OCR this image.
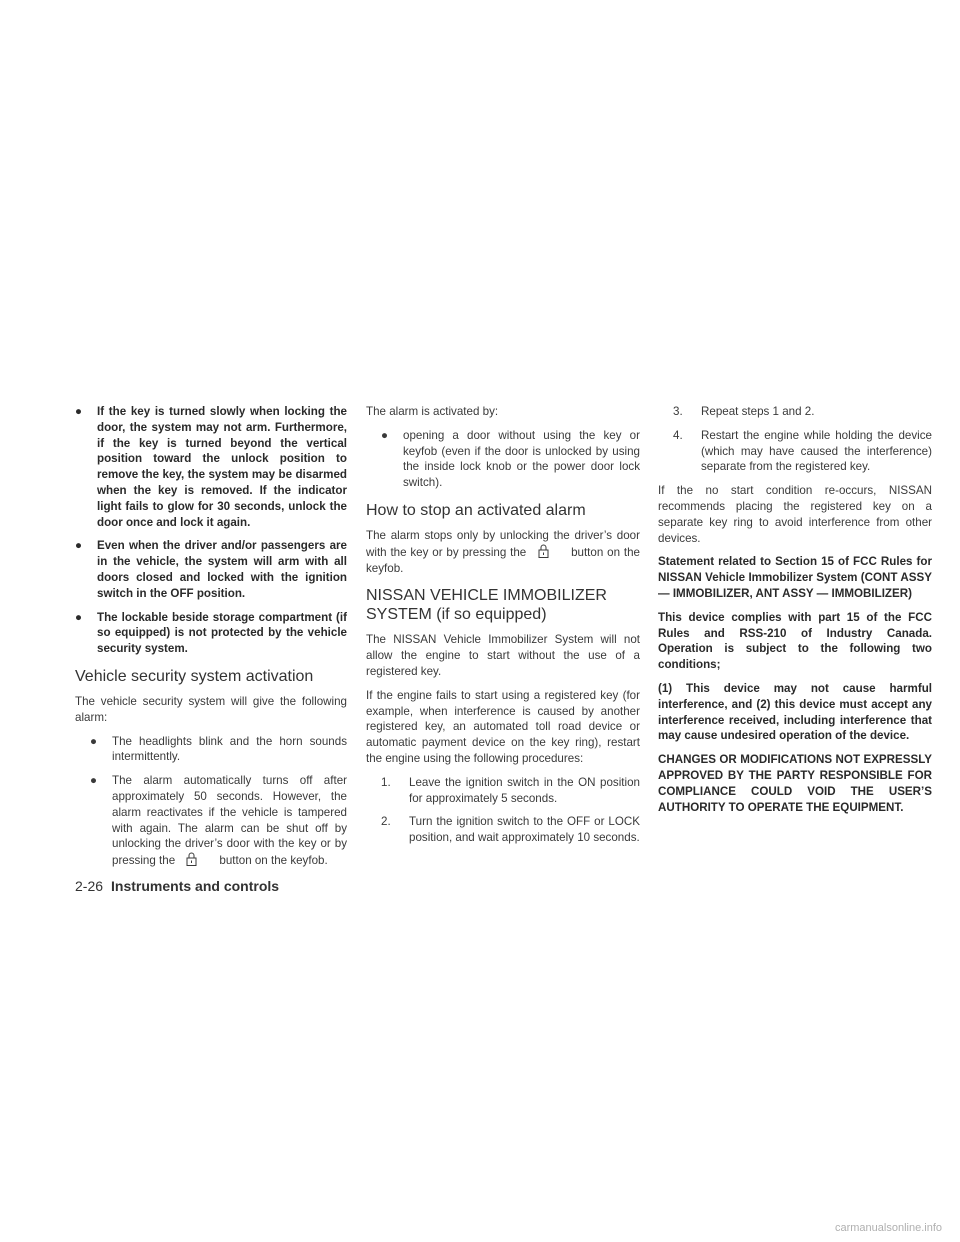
● If the key is turned slowly when locking the door, the system may not arm. Furthermore, if the key is turned beyond the vertical position toward the unlock position to remove the key, the system may be disarmed when the key is removed. If the indicator light fails to glow for 30 seconds, unlock the door once and lock it again.
● Even when the driver and/or passengers are in the vehicle, the system will arm with all doors closed and locked with the ignition switch in the OFF position.
● The lockable beside storage compartment (if so equipped) is not protected by the vehicle security system.
Vehicle security system activation

The vehicle security system will give the following alarm:

● The headlights blink and the horn sounds intermittently.
● The alarm automatically turns off after approximately 50 seconds. However, the alarm reactivates if the vehicle is tampered with again. The alarm can be shut off by unlocking the driver’s door with the key or by pressing the	button on the keyfob.

The alarm is activated by:

● opening a door without using the key or keyfob (even if the door is unlocked by using the inside lock knob or the power door lock switch).
How to stop an activated alarm

The alarm stops only by unlocking the driver’s door with the key or by pressing the	button on the keyfob.

NISSAN VEHICLE IMMOBILIZER SYSTEM (if so equipped)

The NISSAN Vehicle Immobilizer System will not allow the engine to start without the use of a registered key.

If the engine fails to start using a registered key (for example, when interference is caused by another registered key, an automated toll road device or automatic payment device on the key ring), restart the engine using the following procedures:

1. Leave the ignition switch in the ON position for approximately 5 seconds.
2. Turn the ignition switch to the OFF or LOCK position, and wait approximately 10 seconds.
3. Repeat steps 1 and 2.
4. Restart the engine while holding the device (which may have caused the interference) separate from the registered key.

If the no start condition re-occurs, NISSAN recommends placing the registered key on a separate key ring to avoid interference from other devices.

Statement related to Section 15 of FCC Rules for NISSAN Vehicle Immobilizer System (CONT ASSY — IMMOBILIZER, ANT ASSY — IMMOBILIZER)

This device complies with part 15 of the FCC Rules and RSS-210 of Industry Canada. Operation is subject to the following two conditions;

(1) This device may not cause harmful interference, and (2) this device must accept any interference received, including interference that may cause undesired operation of the device.

CHANGES OR MODIFICATIONS NOT EXPRESSLY APPROVED BY THE PARTY RESPONSIBLE FOR COMPLIANCE COULD VOID THE USER’S AUTHORITY TO OPERATE THE EQUIPMENT.

2-26 Instruments and controls
carmanualsonline.info
